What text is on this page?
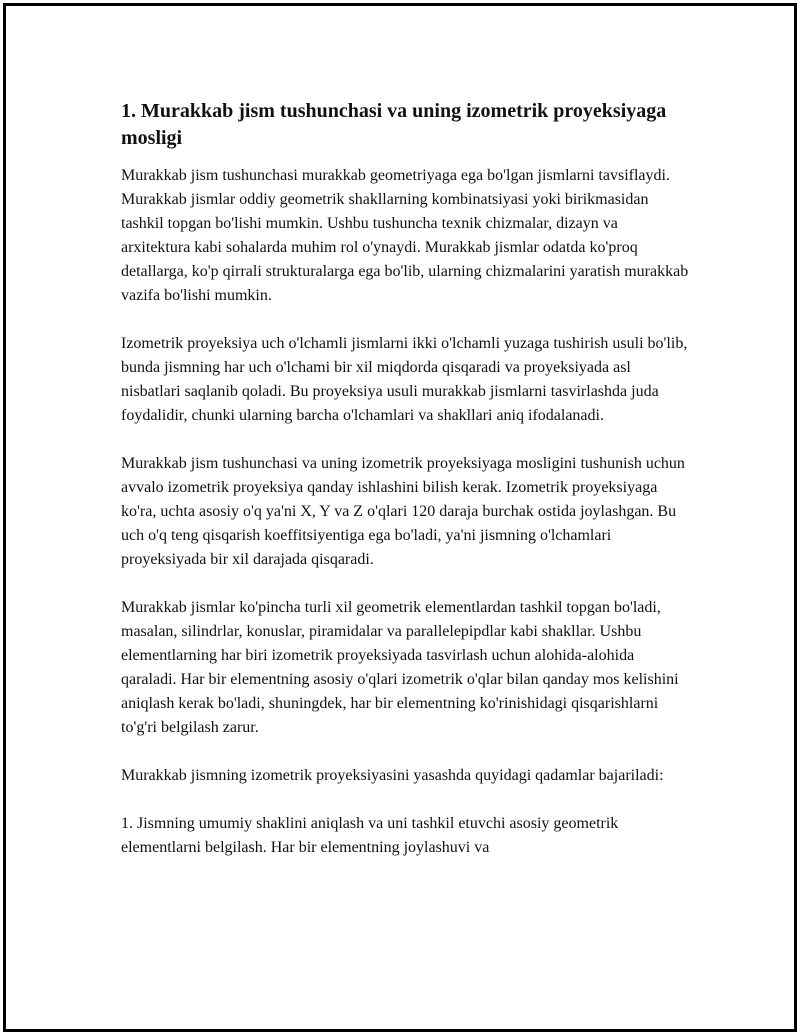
1. Murakkab jism tushunchasi va uning izometrik proyeksiyaga mosligi

Murakkab jism tushunchasi murakkab geometriyaga ega bo'lgan jismlarni tavsiflaydi. Murakkab jismlar oddiy geometrik shakllarning kombinatsiyasi yoki birikmasidan tashkil topgan bo'lishi mumkin. Ushbu tushuncha texnik chizmalar, dizayn va arxitektura kabi sohalarda muhim rol o'ynaydi. Murakkab jismlar odatda ko'proq detallarga, ko'p qirrali strukturalarga ega bo'lib, ularning chizmalarini yaratish murakkab vazifa bo'lishi mumkin.

Izometrik proyeksiya uch o'lchamli jismlarni ikki o'lchamli yuzaga tushirish usuli bo'lib, bunda jismning har uch o'lchami bir xil miqdorda qisqaradi va proyeksiyada asl nisbatlari saqlanib qoladi. Bu proyeksiya usuli murakkab jismlarni tasvirlashda juda foydalidir, chunki ularning barcha o'lchamlari va shakllari aniq ifodalanadi.

Murakkab jism tushunchasi va uning izometrik proyeksiyaga mosligini tushunish uchun avvalo izometrik proyeksiya qanday ishlashini bilish kerak. Izometrik proyeksiyaga ko'ra, uchta asosiy o'q ya'ni X, Y va Z o'qlari 120 daraja burchak ostida joylashgan. Bu uch o'q teng qisqarish koeffitsiyentiga ega bo'ladi, ya'ni jismning o'lchamlari proyeksiyada bir xil darajada qisqaradi.

Murakkab jismlar ko'pincha turli xil geometrik elementlardan tashkil topgan bo'ladi, masalan, silindrlar, konuslar, piramidalar va parallelepipdlar kabi shakllar. Ushbu elementlarning har biri izometrik proyeksiyada tasvirlash uchun alohida-alohida qaraladi. Har bir elementning asosiy o'qlari izometrik o'qlar bilan qanday mos kelishini aniqlash kerak bo'ladi, shuningdek, har bir elementning ko'rinishidagi qisqarishlarni to'g'ri belgilash zarur.

Murakkab jismning izometrik proyeksiyasini yasashda quyidagi qadamlar bajariladi:

1. Jismning umumiy shaklini aniqlash va uni tashkil etuvchi asosiy geometrik elementlarni belgilash. Har bir elementning joylashuvi va
